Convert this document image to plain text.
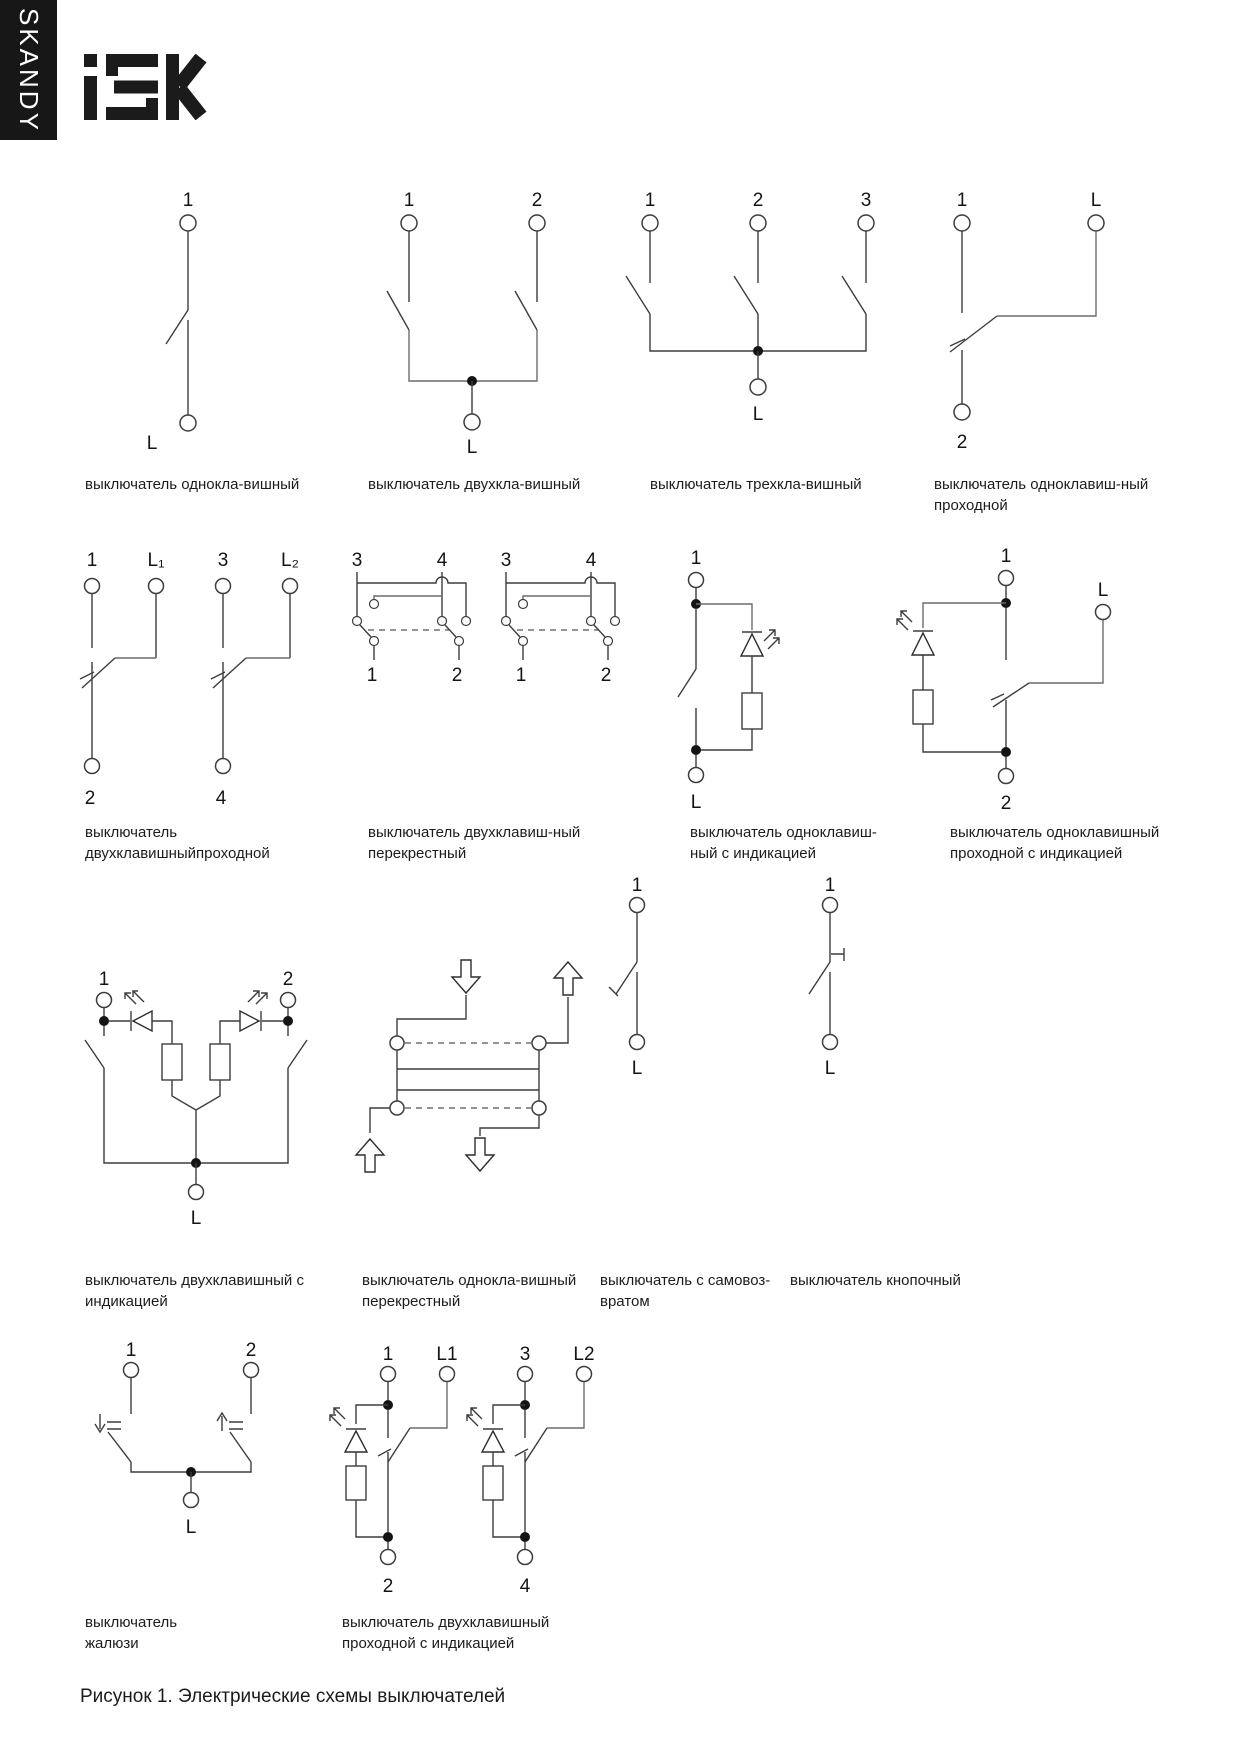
SKANDY
1
L
1	2
L
1	2	3
L
1	L
2
1	L₁	3	L₂
2	4
3	4
1	2
3	4
1	2
1
L
1
L
2
1	2
L
1
L
1
L
1	2
L
1 L1
2
3 L2
4
выключатель однокла-вишный	выключатель двухкла-вишный	выключатель трехкла-вишный	выключатель одноклавиш-ный
проходной
выключатель
двухклавишныйпроходной
выключатель двухклавиш-ный
перекрестный
выключатель одноклавиш-
ный с индикацией
выключатель одноклавишный
проходной с индикацией
выключатель двухклавишный с
индикацией
выключатель однокла-вишный
перекрестный
выключатель с самовоз-
вратом
выключатель кнопочный
выключатель
жалюзи
выключатель двухклавишный
проходной с индикацией
Рисунок 1. Электрические схемы выключателей
